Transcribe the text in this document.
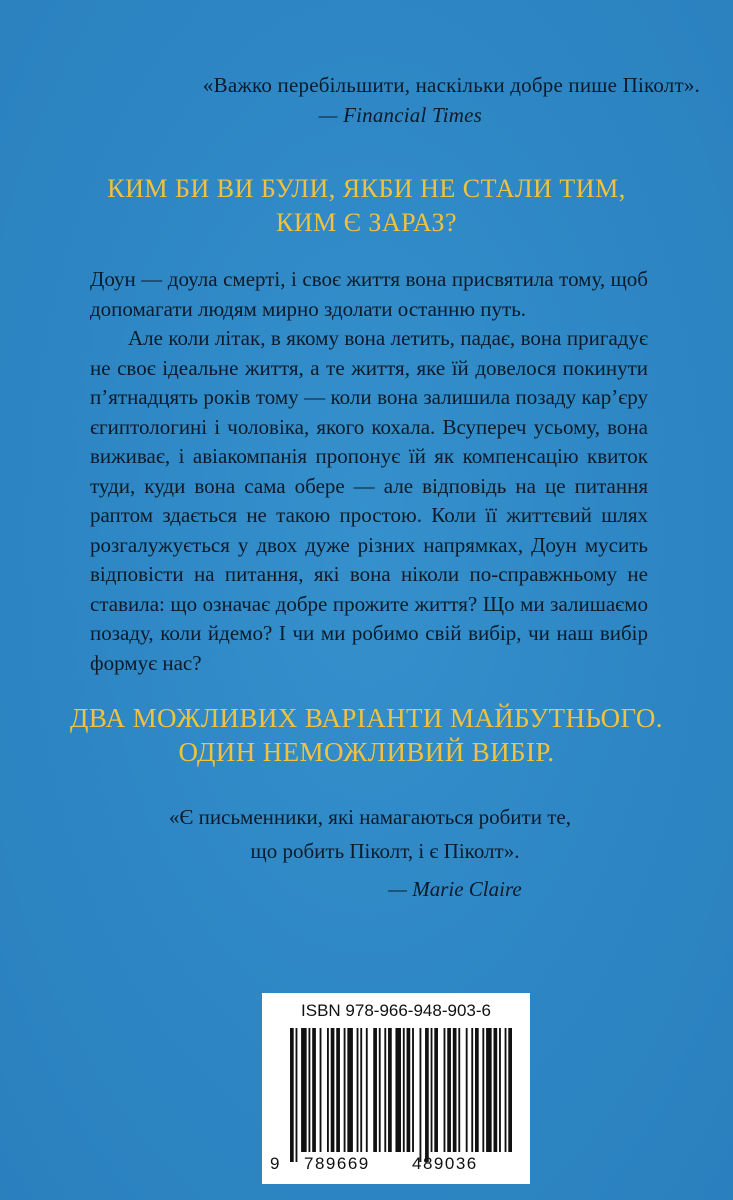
«Важко перебільшити, наскільки добре пише Піколт».
— Financial Times
КИМ БИ ВИ БУЛИ, ЯКБИ НЕ СТАЛИ ТИМ,
КИМ Є ЗАРАЗ?

Доун — доула смерті, і своє життя вона присвятила тому, щоб допомагати людям мирно здолати останню путь.

Але коли літак, в якому вона летить, падає, вона пригадує не своє ідеальне життя, а те життя, яке їй довелося покинути п’ятнадцять років тому — коли вона залишила позаду кар’єру єгиптологині і чоловіка, якого кохала. Всупереч усьому, вона виживає, і авіакомпанія пропонує їй як компенсацію квиток туди, куди вона сама обере — але відповідь на це питання раптом здається не такою простою. Коли її життєвий шлях розгалужується у двох дуже різних напрямках, Доун мусить відповісти на питання, які вона ніколи по-справжньому не ставила: що означає добре прожите життя? Що ми залишаємо позаду, коли йдемо? І чи ми робимо свій вибір, чи наш вибір формує нас?

ДВА МОЖЛИВИХ ВАРІАНТИ МАЙБУТНЬОГО.
ОДИН НЕМОЖЛИВИЙ ВИБІР.
«Є письменники, які намагаються робити те,
що робить Піколт, і є Піколт».
— Marie Claire
ISBN 978-966-948-903-6
9 789669 489036
